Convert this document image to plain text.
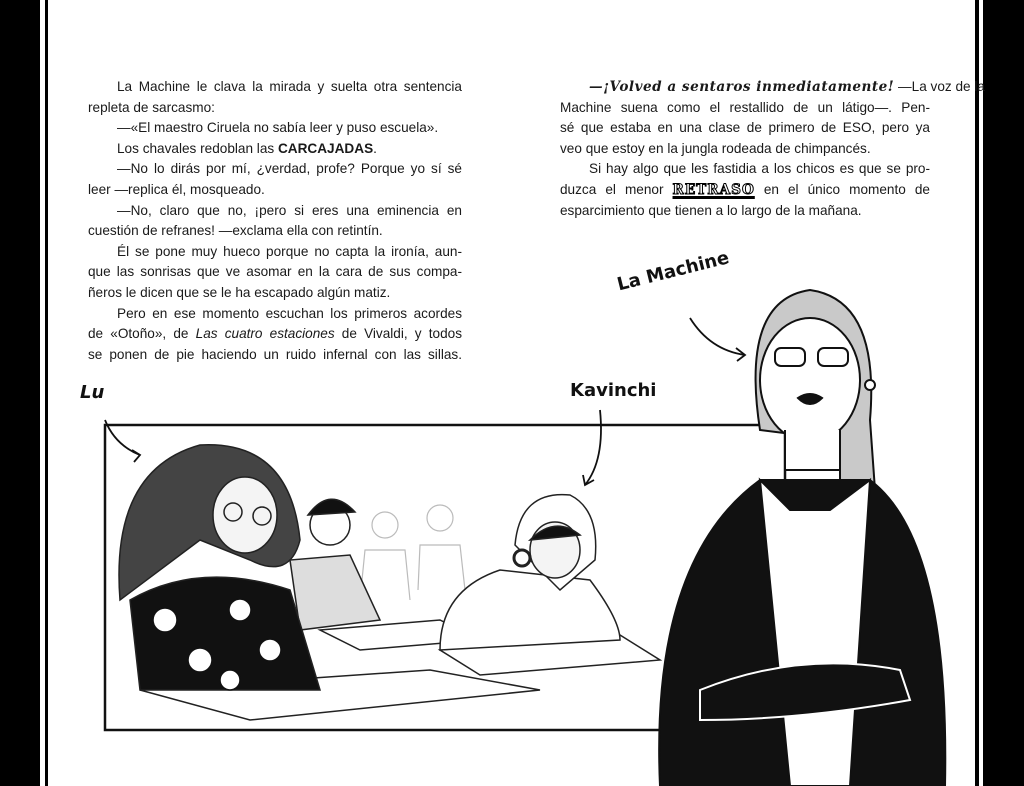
La Machine le clava la mirada y suelta otra sentencia
repleta de sarcasmo:
—«El maestro Ciruela no sabía leer y puso escuela».
Los chavales redoblan las CARCAJADAS.
—No lo dirás por mí, ¿verdad, profe? Porque yo sí sé
leer —replica él, mosqueado.
—No, claro que no, ¡pero si eres una eminencia en
cuestión de refranes! —exclama ella con retintín.
Él se pone muy hueco porque no capta la ironía, aun-
que las sonrisas que ve asomar en la cara de sus compa-
ñeros le dicen que se le ha escapado algún matiz.
Pero en ese momento escuchan los primeros acordes
de «Otoño», de Las cuatro estaciones de Vivaldi, y todos
se ponen de pie haciendo un ruido infernal con las sillas.
—¡Volved a sentaros inmediatamente! —La voz de la
Machine suena como el restallido de un látigo—. Pen-
sé que estaba en una clase de primero de ESO, pero ya
veo que estoy en la jungla rodeada de chimpancés.
Si hay algo que les fastidia a los chicos es que se pro-
duzca el menor RETRASO en el único momento de
esparcimiento que tienen a lo largo de la mañana.
Lu	Kavinchi
La Machine
